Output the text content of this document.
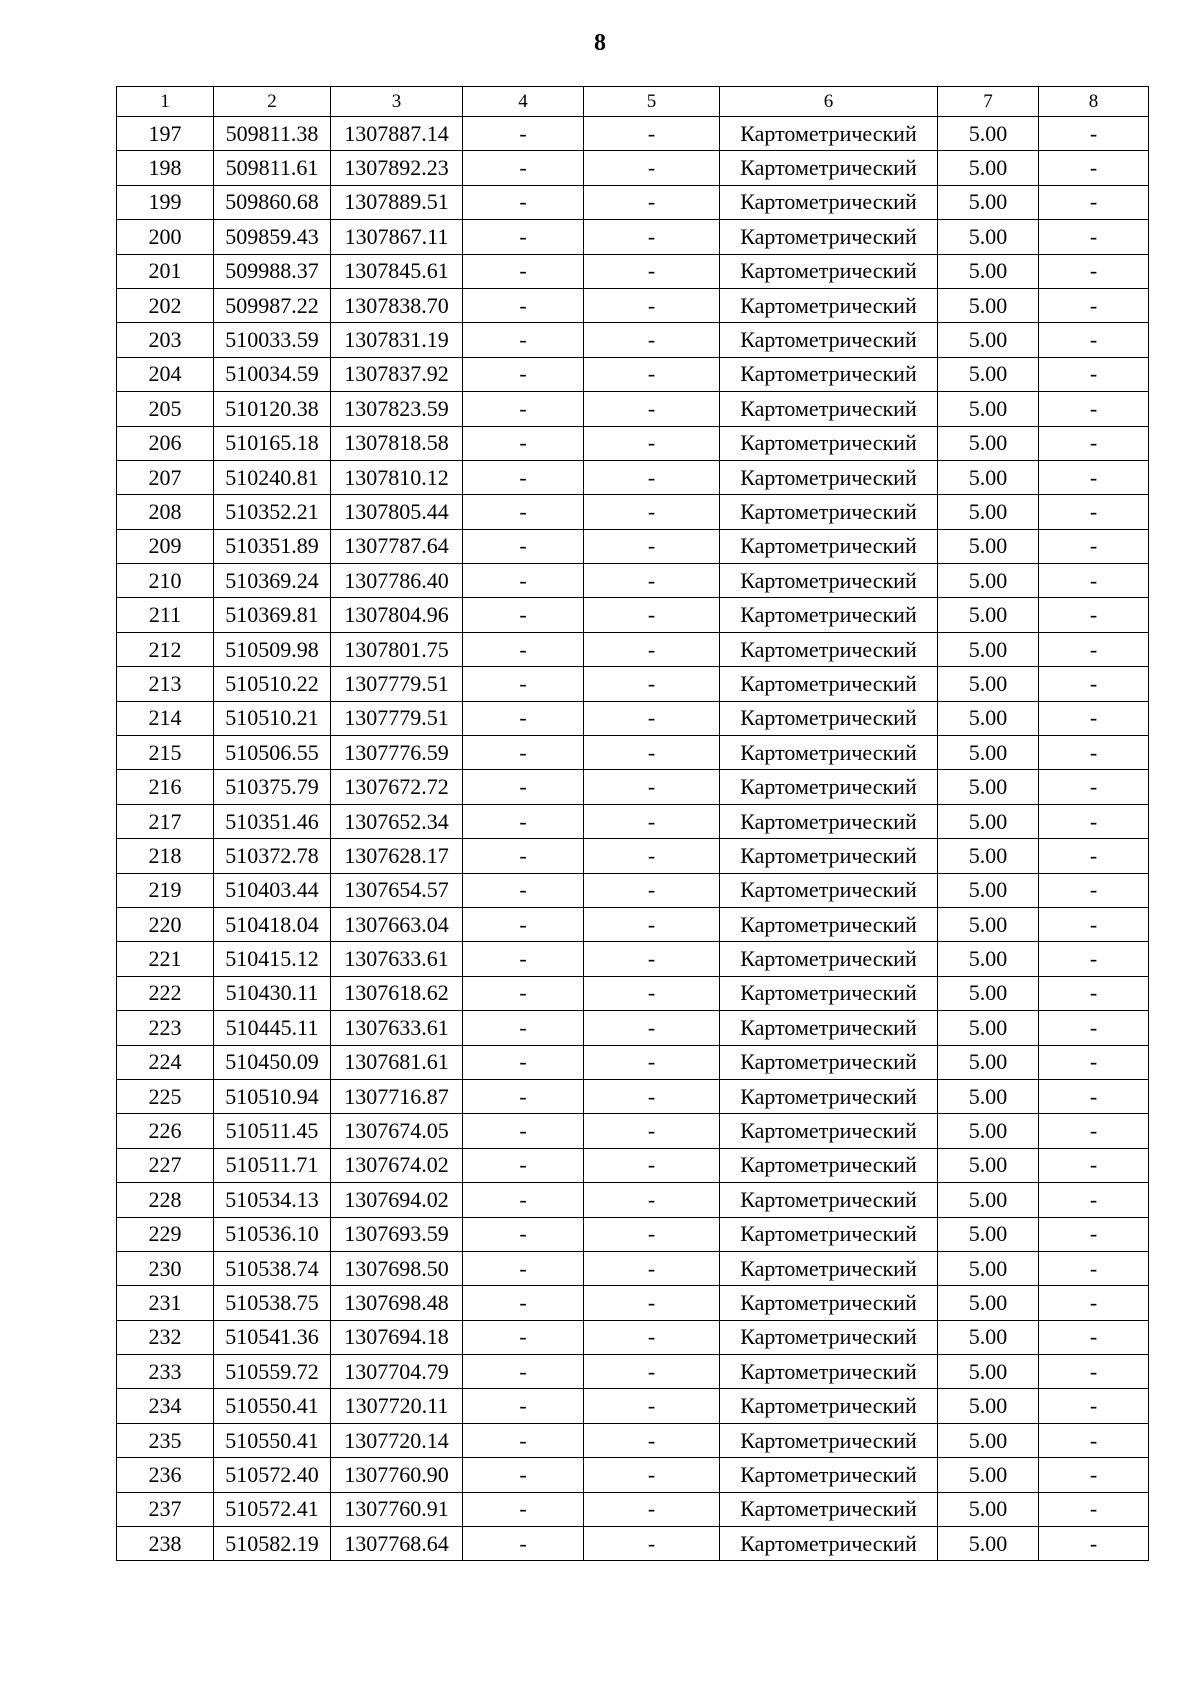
8
1	2	3	4	5	6	7	8
197	509811.38	1307887.14	-	-	Картометрический	5.00	-
198	509811.61	1307892.23	-	-	Картометрический	5.00	-
199	509860.68	1307889.51	-	-	Картометрический	5.00	-
200	509859.43	1307867.11	-	-	Картометрический	5.00	-
201	509988.37	1307845.61	-	-	Картометрический	5.00	-
202	509987.22	1307838.70	-	-	Картометрический	5.00	-
203	510033.59	1307831.19	-	-	Картометрический	5.00	-
204	510034.59	1307837.92	-	-	Картометрический	5.00	-
205	510120.38	1307823.59	-	-	Картометрический	5.00	-
206	510165.18	1307818.58	-	-	Картометрический	5.00	-
207	510240.81	1307810.12	-	-	Картометрический	5.00	-
208	510352.21	1307805.44	-	-	Картометрический	5.00	-
209	510351.89	1307787.64	-	-	Картометрический	5.00	-
210	510369.24	1307786.40	-	-	Картометрический	5.00	-
211	510369.81	1307804.96	-	-	Картометрический	5.00	-
212	510509.98	1307801.75	-	-	Картометрический	5.00	-
213	510510.22	1307779.51	-	-	Картометрический	5.00	-
214	510510.21	1307779.51	-	-	Картометрический	5.00	-
215	510506.55	1307776.59	-	-	Картометрический	5.00	-
216	510375.79	1307672.72	-	-	Картометрический	5.00	-
217	510351.46	1307652.34	-	-	Картометрический	5.00	-
218	510372.78	1307628.17	-	-	Картометрический	5.00	-
219	510403.44	1307654.57	-	-	Картометрический	5.00	-
220	510418.04	1307663.04	-	-	Картометрический	5.00	-
221	510415.12	1307633.61	-	-	Картометрический	5.00	-
222	510430.11	1307618.62	-	-	Картометрический	5.00	-
223	510445.11	1307633.61	-	-	Картометрический	5.00	-
224	510450.09	1307681.61	-	-	Картометрический	5.00	-
225	510510.94	1307716.87	-	-	Картометрический	5.00	-
226	510511.45	1307674.05	-	-	Картометрический	5.00	-
227	510511.71	1307674.02	-	-	Картометрический	5.00	-
228	510534.13	1307694.02	-	-	Картометрический	5.00	-
229	510536.10	1307693.59	-	-	Картометрический	5.00	-
230	510538.74	1307698.50	-	-	Картометрический	5.00	-
231	510538.75	1307698.48	-	-	Картометрический	5.00	-
232	510541.36	1307694.18	-	-	Картометрический	5.00	-
233	510559.72	1307704.79	-	-	Картометрический	5.00	-
234	510550.41	1307720.11	-	-	Картометрический	5.00	-
235	510550.41	1307720.14	-	-	Картометрический	5.00	-
236	510572.40	1307760.90	-	-	Картометрический	5.00	-
237	510572.41	1307760.91	-	-	Картометрический	5.00	-
238	510582.19	1307768.64	-	-	Картометрический	5.00	-
